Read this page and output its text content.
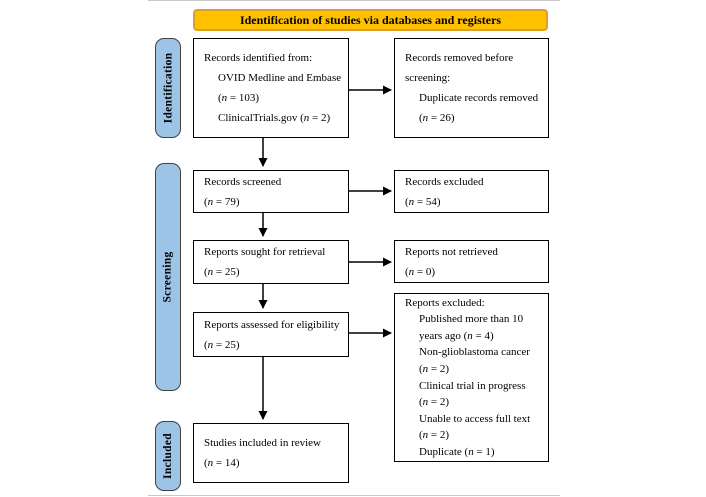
Identification of studies via databases and registers
Identification
Screening
Included
Records identified from:
OVID Medline and Embase
(n = 103)
ClinicalTrials.gov (n = 2)
Records removed before
screening:
Duplicate records removed
(n = 26)
Records screened
(n = 79)
Records excluded
(n = 54)
Reports sought for retrieval
(n = 25)
Reports not retrieved
(n = 0)
Reports assessed for eligibility
(n = 25)
Reports excluded:
Published more than 10
years ago (n = 4)
Non-glioblastoma cancer
(n = 2)
Clinical trial in progress
(n = 2)
Unable to access full text
(n = 2)
Duplicate (n = 1)
Studies included in review
(n = 14)
